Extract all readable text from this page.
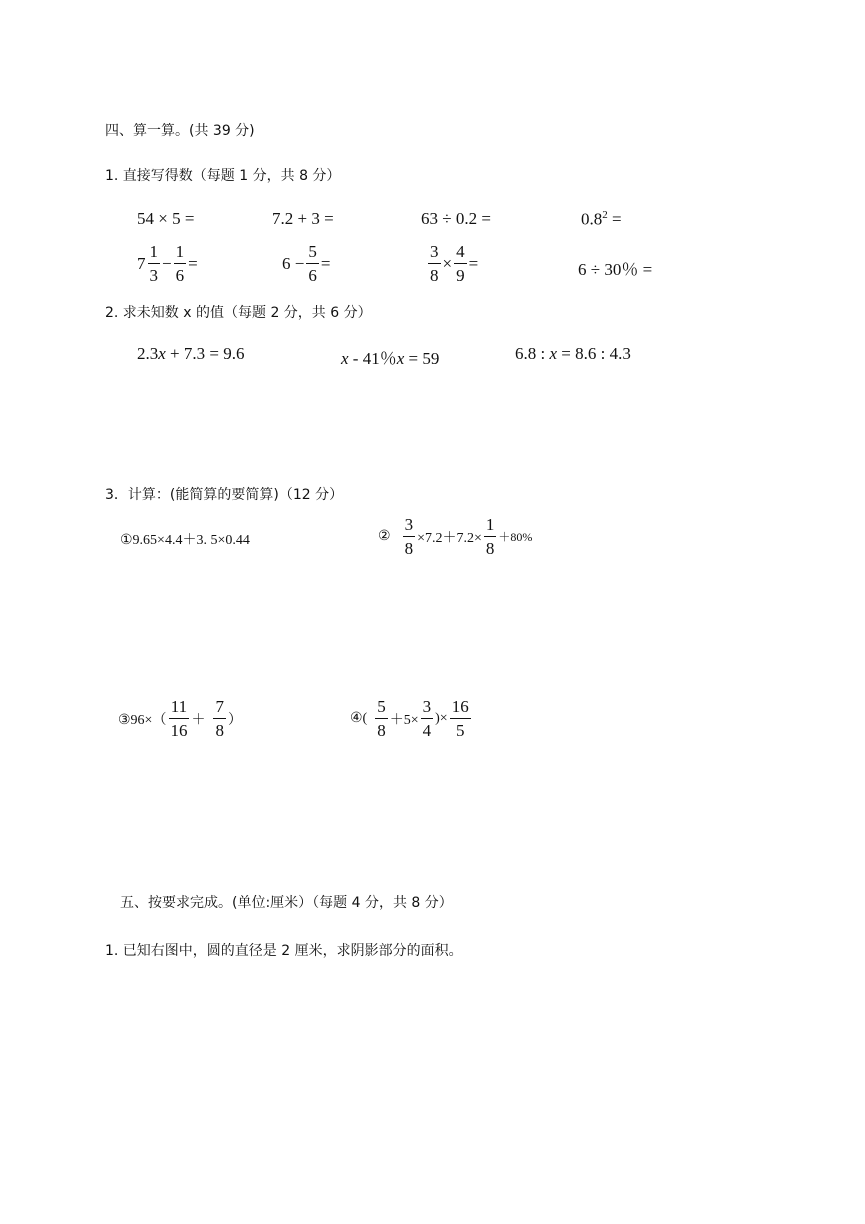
四、算一算。(共 39 分)
1. 直接写得数（每题 1 分，共 8 分）
54 × 5 =	7.2 + 3 =	63 ÷ 0.2 =	$0.8^2$ =
$7 \frac{1}{3} - \frac{1}{6}$ =	$6 - \frac{5}{6}$ =	$\frac{3}{8} \times \frac{4}{9}$ =	6 ÷ 30％ =
2. 求未知数 x 的值（每题 2 分，共 6 分）
2.3x + 7.3 = 9.6	x - 41％x = 59	6.8 : x = 8.6 : 4.3
3．计算：(能简算的要简算)（12 分）
①9.65×4.4＋3. 5×0.44	② $\frac{3}{8} \times 7.2+7.2\times \frac{1}{8} +80\%$
③96×（ $\frac{11}{16} + \frac{7}{8}$ ）	④( $\frac{5}{8} +5\times \frac{3}{4}$ )× $\frac{16}{5}$
五、按要求完成。(单位:厘米）（每题 4 分，共 8 分）
1. 已知右图中，圆的直径是 2 厘米，求阴影部分的面积。
